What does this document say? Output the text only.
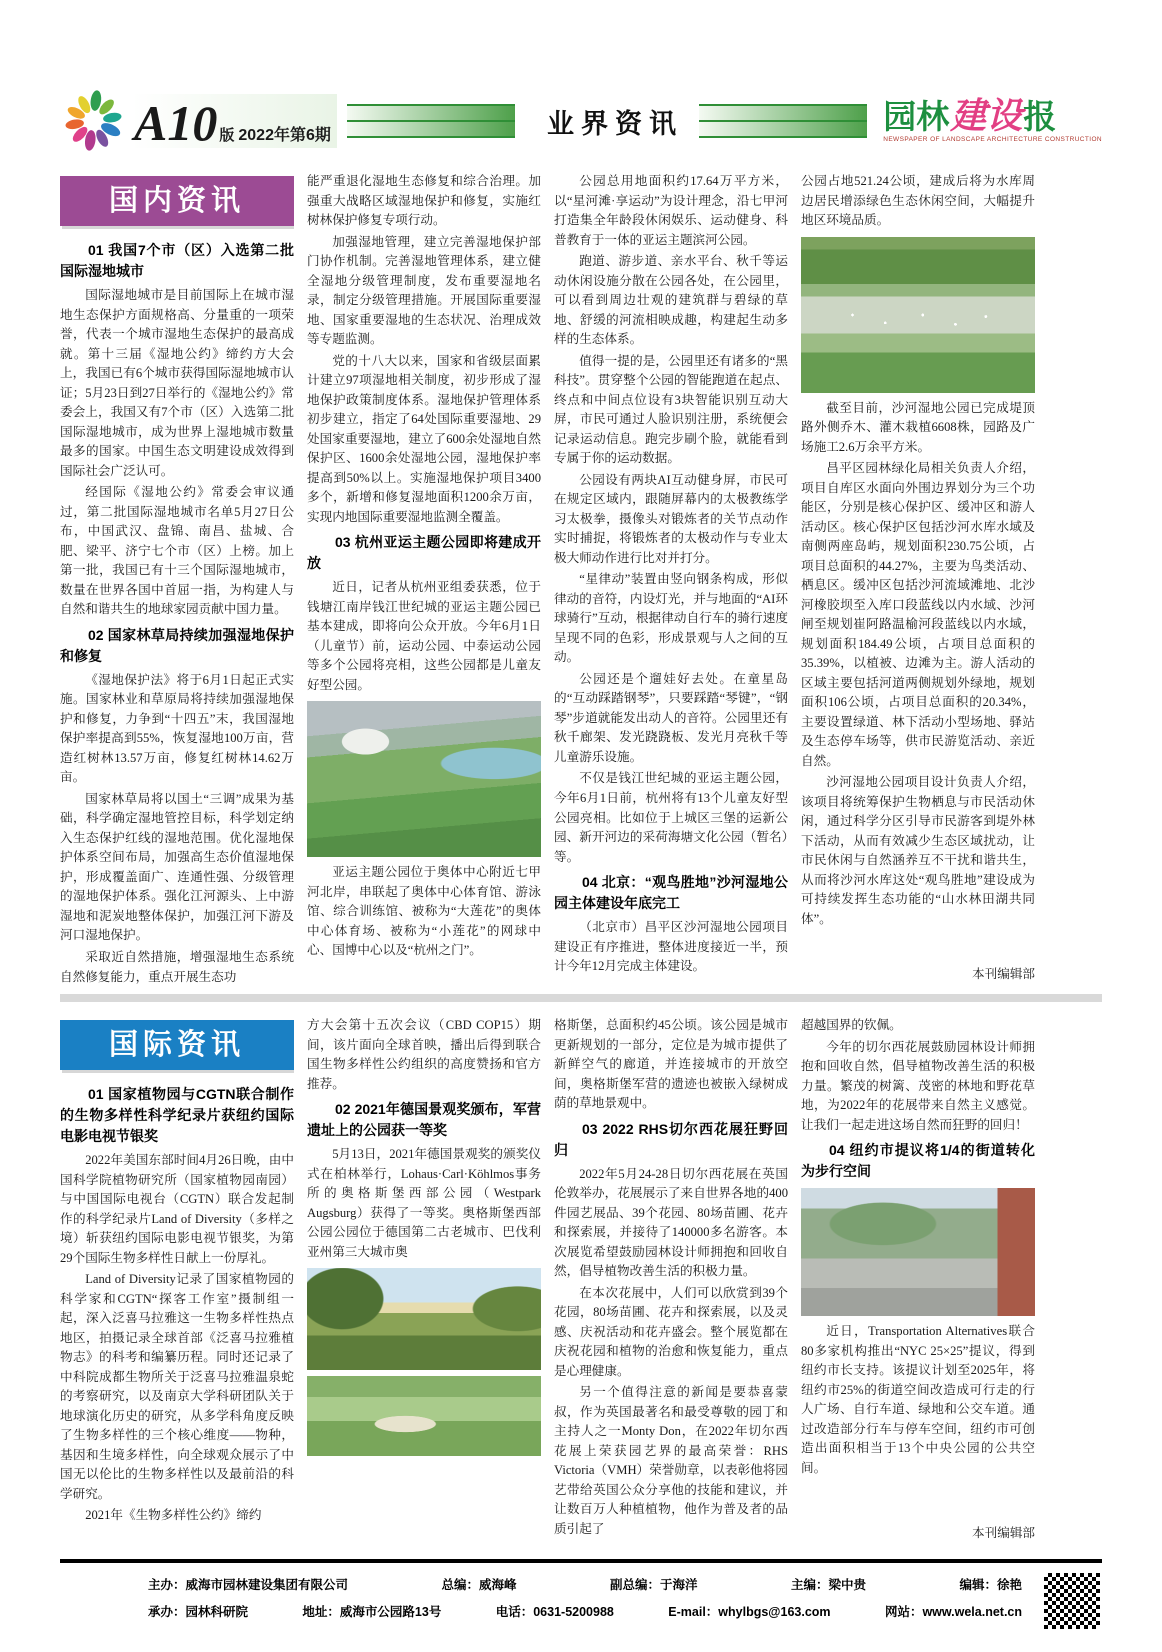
A10 版 2022年第6期	业界资讯	园林 建设 报
NEWSPAPER OF LANDSCAPE ARCHITECTURE CONSTRUCTION
国内资讯
01 我国7个市（区）入选第二批国际湿地城市

国际湿地城市是目前国际上在城市湿地生态保护方面规格高、分量重的一项荣誉，代表一个城市湿地生态保护的最高成就。第十三届《湿地公约》缔约方大会上，我国已有6个城市获得国际湿地城市认证；5月23日到27日举行的《湿地公约》常委会上，我国又有7个市（区）入选第二批国际湿地城市，成为世界上湿地城市数量最多的国家。中国生态文明建设成效得到国际社会广泛认可。

经国际《湿地公约》常委会审议通过，第二批国际湿地城市名单5月27日公布，中国武汉、盘锦、南昌、盐城、合肥、梁平、济宁七个市（区）上榜。加上第一批，我国已有十三个国际湿地城市，数量在世界各国中首屈一指，为构建人与自然和谐共生的地球家园贡献中国力量。

02 国家林草局持续加强湿地保护和修复

《湿地保护法》将于6月1日起正式实施。国家林业和草原局将持续加强湿地保护和修复，力争到“十四五”末，我国湿地保护率提高到55%，恢复湿地100万亩，营造红树林13.57万亩，修复红树林14.62万亩。

国家林草局将以国土“三调”成果为基础，科学确定湿地管控目标，科学划定纳入生态保护红线的湿地范围。优化湿地保护体系空间布局，加强高生态价值湿地保护，形成覆盖面广、连通性强、分级管理的湿地保护体系。强化江河源头、上中游湿地和泥炭地整体保护，加强江河下游及河口湿地保护。

采取近自然措施，增强湿地生态系统自然修复能力，重点开展生态功

能严重退化湿地生态修复和综合治理。加强重大战略区域湿地保护和修复，实施红树林保护修复专项行动。

加强湿地管理，建立完善湿地保护部门协作机制。完善湿地管理体系，建立健全湿地分级管理制度，发布重要湿地名录，制定分级管理措施。开展国际重要湿地、国家重要湿地的生态状况、治理成效等专题监测。

党的十八大以来，国家和省级层面累计建立97项湿地相关制度，初步形成了湿地保护政策制度体系。湿地保护管理体系初步建立，指定了64处国际重要湿地、29处国家重要湿地，建立了600余处湿地自然保护区、1600余处湿地公园，湿地保护率提高到50%以上。实施湿地保护项目3400多个，新增和修复湿地面积1200余万亩，实现内地国际重要湿地监测全覆盖。

03 杭州亚运主题公园即将建成开放

近日，记者从杭州亚组委获悉，位于钱塘江南岸钱江世纪城的亚运主题公园已基本建成，即将向公众开放。今年6月1日（儿童节）前，运动公园、中泰运动公园等多个公园将亮相，这些公园都是儿童友好型公园。

亚运主题公园位于奥体中心附近七甲河北岸，串联起了奥体中心体育馆、游泳馆、综合训练馆、被称为“大莲花”的奥体中心体育场、被称为“小莲花”的网球中心、国博中心以及“杭州之门”。

公园总用地面积约17.64万平方米，以“星河滩·享运动”为设计理念，沿七甲河打造集全年龄段休闲娱乐、运动健身、科普教育于一体的亚运主题滨河公园。

跑道、游步道、亲水平台、秋千等运动休闲设施分散在公园各处，在公园里，可以看到周边壮观的建筑群与碧绿的草地、舒缓的河流相映成趣，构建起生动多样的生态体系。

值得一提的是，公园里还有诸多的“黑科技”。贯穿整个公园的智能跑道在起点、终点和中间点位设有3块智能识别互动大屏，市民可通过人脸识别注册，系统便会记录运动信息。跑完步刷个脸，就能看到专属于你的运动数据。

公园设有两块AI互动健身屏，市民可在规定区域内，跟随屏幕内的太极教练学习太极拳，摄像头对锻炼者的关节点动作实时捕捉，将锻炼者的太极动作与专业太极大师动作进行比对并打分。

“星律动”装置由竖向钢条构成，形似律动的音符，内设灯光，并与地面的“AI环球骑行”互动，根据律动自行车的骑行速度呈现不同的色彩，形成景观与人之间的互动。

公园还是个遛娃好去处。在童星岛的“互动踩踏钢琴”，只要踩踏“琴键”，“钢琴”步道就能发出动人的音符。公园里还有秋千廊架、发光跷跷板、发光月亮秋千等儿童游乐设施。

不仅是钱江世纪城的亚运主题公园，今年6月1日前，杭州将有13个儿童友好型公园亮相。比如位于上城区三堡的运新公园、新开河边的采荷海塘文化公园（暂名）等。

04 北京：“观鸟胜地”沙河湿地公园主体建设年底完工

（北京市）昌平区沙河湿地公园项目建设正有序推进，整体进度接近一半，预计今年12月完成主体建设。

公园占地521.24公顷，建成后将为水库周边居民增添绿色生态休闲空间，大幅提升地区环境品质。

截至目前，沙河湿地公园已完成堤顶路外侧乔木、灌木栽植6608株，园路及广场施工2.6万余平方米。

昌平区园林绿化局相关负责人介绍，项目自库区水面向外围边界划分为三个功能区，分别是核心保护区、缓冲区和游人活动区。核心保护区包括沙河水库水域及南侧两座岛屿，规划面积230.75公顷，占项目总面积的44.27%，主要为鸟类活动、栖息区。缓冲区包括沙河流域滩地、北沙河橡胶坝至入库口段蓝线以内水域、沙河闸至规划崔阿路温榆河段蓝线以内水域，规划面积184.49公顷，占项目总面积的35.39%，以植被、边滩为主。游人活动的区域主要包括河道两侧规划外绿地，规划面积106公顷，占项目总面积的20.34%，主要设置绿道、林下活动小型场地、驿站及生态停车场等，供市民游览活动、亲近自然。

沙河湿地公园项目设计负责人介绍，该项目将统筹保护生物栖息与市民活动休闲，通过科学分区引导市民游客到堤外林下活动，从而有效减少生态区域扰动，让市民休闲与自然涵养互不干扰和谐共生，从而将沙河水库这处“观鸟胜地”建设成为可持续发挥生态功能的“山水林田湖共同体”。

本刊编辑部
国际资讯
01 国家植物园与CGTN联合制作的生物多样性科学纪录片获纽约国际电影电视节银奖

2022年美国东部时间4月26日晚，由中国科学院植物研究所（国家植物园南园）与中国国际电视台（CGTN）联合发起制作的科学纪录片Land of Diversity（多样之境）斩获纽约国际电影电视节银奖，为第29个国际生物多样性日献上一份厚礼。

Land of Diversity记录了国家植物园的科学家和CGTN“探客工作室”摄制组一起，深入泛喜马拉雅这一生物多样性热点地区，拍摄记录全球首部《泛喜马拉雅植物志》的科考和编纂历程。同时还记录了中科院成都生物所关于泛喜马拉雅温泉蛇的考察研究，以及南京大学科研团队关于地球演化历史的研究，从多学科角度反映了生物多样性的三个核心维度——物种，基因和生境多样性，向全球观众展示了中国无以伦比的生物多样性以及最前沿的科学研究。

2021年《生物多样性公约》缔约

方大会第十五次会议（CBD COP15）期间，该片面向全球首映，播出后得到联合国生物多样性公约组织的高度赞扬和官方推荐。

02 2021年德国景观奖颁布，军营遗址上的公园获一等奖

5月13日，2021年德国景观奖的颁奖仪式在柏林举行，Lohaus·Carl·Köhlmos事务所的奥格斯堡西部公园（Westpark Augsburg）获得了一等奖。奥格斯堡西部公园公园位于德国第二古老城市、巴伐利亚州第三大城市奥

格斯堡，总面积约45公顷。该公园是城市更新规划的一部分，定位是为城市提供了新鲜空气的廊道，并连接城市的开放空间，奥格斯堡军营的遗迹也被嵌入绿树成荫的草地景观中。

03 2022 RHS切尔西花展狂野回归

2022年5月24-28日切尔西花展在英国伦敦举办，花展展示了来自世界各地的400件园艺展品、39个花园、80场苗圃、花卉和探索展，并接待了140000多名游客。本次展览希望鼓励园林设计师拥抱和回收自然，倡导植物改善生活的积极力量。

在本次花展中，人们可以欣赏到39个花园，80场苗圃、花卉和探索展，以及灵感、庆祝活动和花卉盛会。整个展览都在庆祝花园和植物的治愈和恢复能力，重点是心理健康。

另一个值得注意的新闻是要恭喜蒙叔，作为英国最著名和最受尊敬的园丁和主持人之一Monty Don，在2022年切尔西花展上荣获园艺界的最高荣誉：RHS Victoria（VMH）荣誉勋章，以表彰他将园艺带给英国公众分享他的技能和建议，并让数百万人种植植物，他作为普及者的品质引起了

超越国界的钦佩。

今年的切尔西花展鼓励园林设计师拥抱和回收自然，倡导植物改善生活的积极力量。繁茂的树篱、茂密的林地和野花草地，为2022年的花展带来自然主义感觉。让我们一起走进这场自然而狂野的回归！

04 纽约市提议将1/4的街道转化为步行空间

近日，Transportation Alternatives联合80多家机构推出“NYC 25×25”提议，得到纽约市长支持。该提议计划至2025年，将纽约市25%的街道空间改造成可行走的行人广场、自行车道、绿地和公交车道。通过改造部分行车与停车空间，纽约市可创造出面积相当于13个中央公园的公共空间。

本刊编辑部
主办：威海市园林建设集团有限公司	总编：威海峰	副总编：于海洋	主编：梁中贵	编辑：徐艳
承办：园林科研院	地址：威海市公园路13号	电话：0631-5200988	E-mail：whylbgs@163.com	网站：www.wela.net.cn
